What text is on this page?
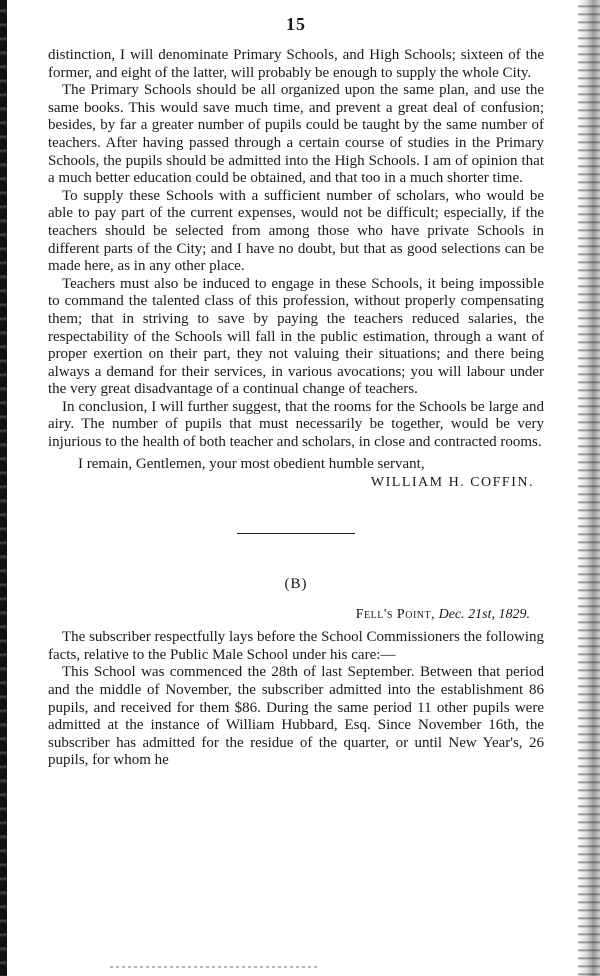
15

distinction, I will denominate Primary Schools, and High Schools; sixteen of the former, and eight of the latter, will probably be enough to supply the whole City.

The Primary Schools should be all organized upon the same plan, and use the same books. This would save much time, and prevent a great deal of confusion; besides, by far a greater number of pupils could be taught by the same number of teachers. After having passed through a certain course of studies in the Primary Schools, the pupils should be admitted into the High Schools. I am of opinion that a much better education could be obtained, and that too in a much shorter time.

To supply these Schools with a sufficient number of scholars, who would be able to pay part of the current expenses, would not be difficult; especially, if the teachers should be selected from among those who have private Schools in different parts of the City; and I have no doubt, but that as good selections can be made here, as in any other place.

Teachers must also be induced to engage in these Schools, it being impossible to command the talented class of this profession, without properly compensating them; that in striving to save by paying the teachers reduced salaries, the respectability of the Schools will fall in the public estimation, through a want of proper exertion on their part, they not valuing their situations; and there being always a demand for their services, in various avocations; you will labour under the very great disadvantage of a continual change of teachers.

In conclusion, I will further suggest, that the rooms for the Schools be large and airy. The number of pupils that must necessarily be together, would be very injurious to the health of both teacher and scholars, in close and contracted rooms.

I remain, Gentlemen, your most obedient humble servant,

WILLIAM H. COFFIN.
(B)
Fell's Point, Dec. 21st, 1829.

The subscriber respectfully lays before the School Commissioners the following facts, relative to the Public Male School under his care:—

This School was commenced the 28th of last September. Between that period and the middle of November, the subscriber admitted into the establishment 86 pupils, and received for them $86. During the same period 11 other pupils were admitted at the instance of William Hubbard, Esq. Since November 16th, the subscriber has admitted for the residue of the quarter, or until New Year's, 26 pupils, for whom he
